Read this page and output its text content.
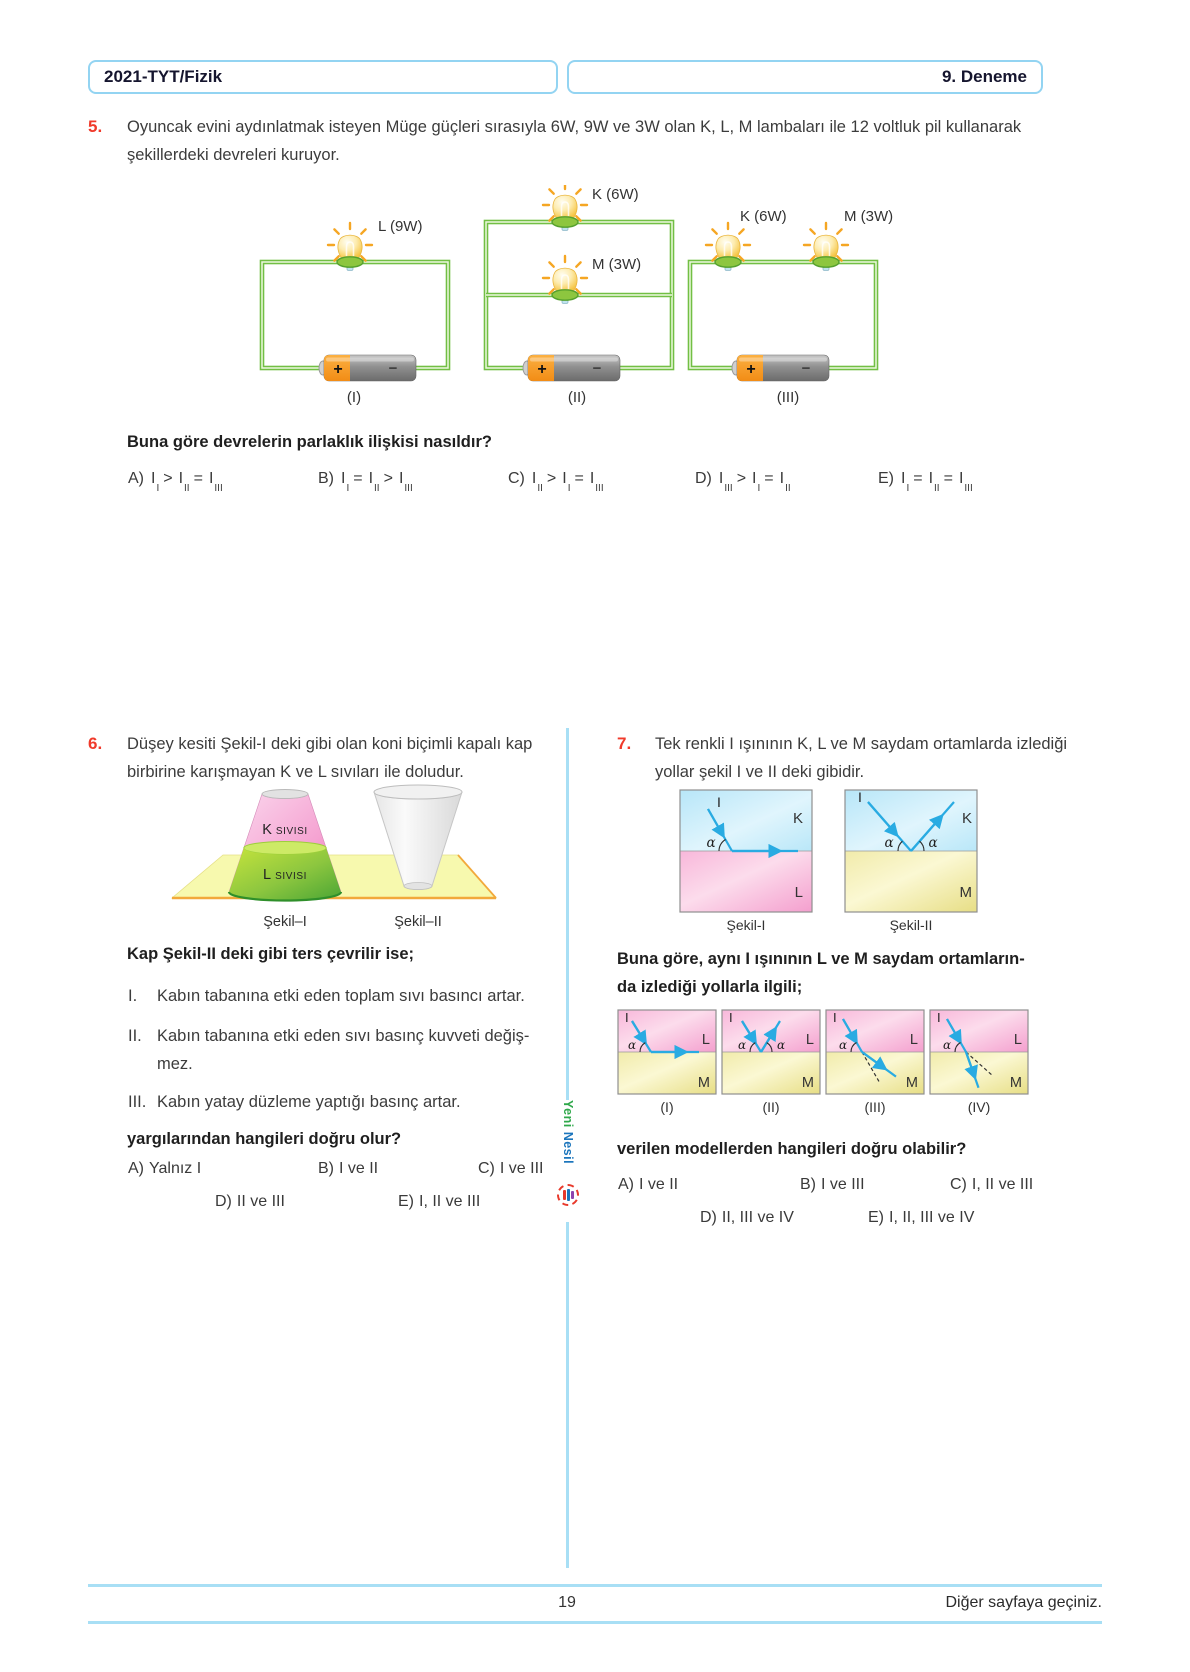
2021-TYT/Fizik	9. Deneme
5. Oyuncak evini aydınlatmak isteyen Müge güçleri sırasıyla 6W, 9W ve 3W olan K, L, M lambaları ile 12 voltluk pil kullanarak
şekillerdeki devreleri kuruyor.
L (9W)
(I)
K (6W)
M (3W)
(II)
K (6W)	M (3W)
(III)
Buna göre devrelerin parlaklık ilişkisi nasıldır?
A) $I_I> I_{II}= I_{III}$
B) $I_I= I_{II}> I_{III}$
C) $I_{II}> I_I= I_{III}$
D) $I_{III}> I_I= I_{II}$
E) $I_I= I_{II}= I_{III}$
Yeni Nesil
6. Düşey kesiti Şekil-I deki gibi olan koni biçimli kapalı kap
birbirine karışmayan K ve L sıvıları ile doludur.
K SIVISI
L SIVISI
Şekil–I	Şekil–II
Kap Şekil-II deki gibi ters çevrilir ise;
I. Kabın tabanına etki eden toplam sıvı basıncı artar.
II. Kabın tabanına etki eden sıvı basınç kuvveti değiş-
mez.
III. Kabın yatay düzleme yaptığı basınç artar.
yargılarından hangileri doğru olur?
A) Yalnız I	B) I ve II	C) I ve III
D) II ve III	E) I, II ve III
7. Tek renkli I ışınının K, L ve M saydam ortamlarda izlediği
yollar şekil I ve II deki gibidir.
α
I
K
L
Şekil-I
α	α
I
K
M
Şekil-II
Buna göre, aynı I ışınının L ve M saydam ortamların-
da izlediği yollarla ilgili;
α
I
L
M
(I)
α	α
I
L
M
(II)
α
I
L
M
(III)
α
I
L
M
(IV)
verilen modellerden hangileri doğru olabilir?
A) I ve II	B) I ve III	C) I, II ve III
D) II, III ve IV	E) I, II, III ve IV
19	Diğer sayfaya geçiniz.
